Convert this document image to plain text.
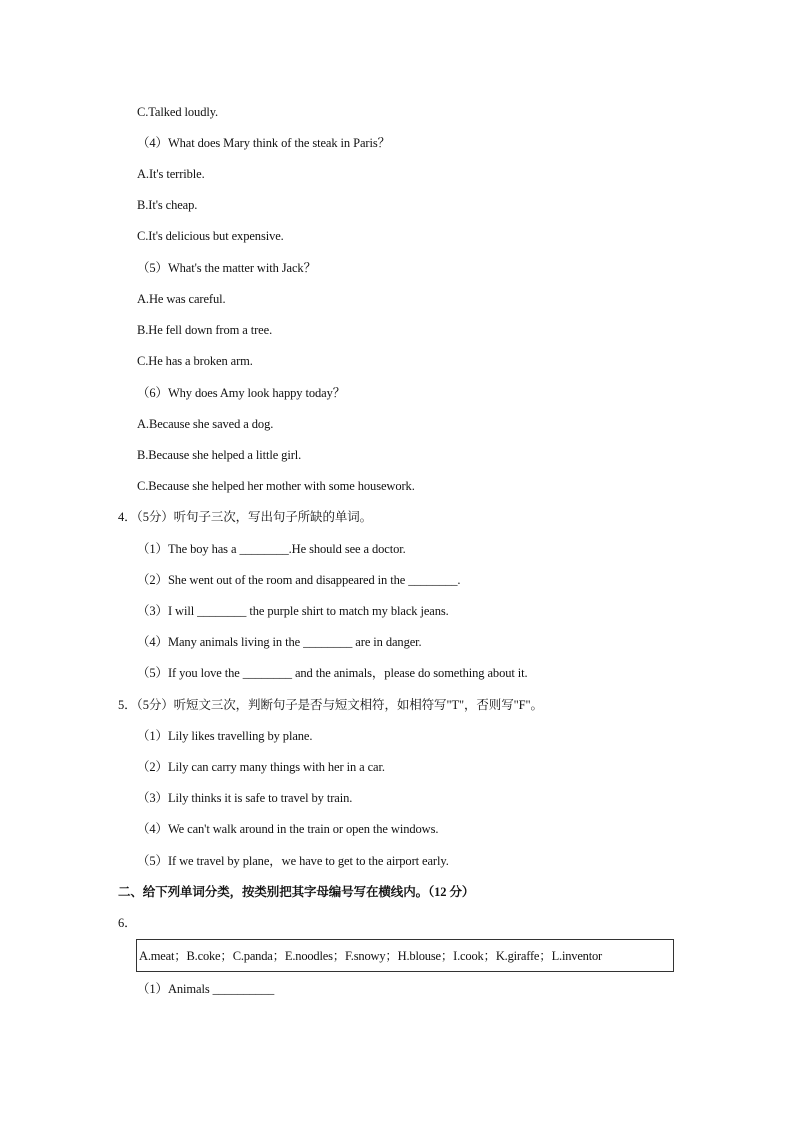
C.Talked loudly.
（4）What does Mary think of the steak in Paris？
A.It's terrible.
B.It's cheap.
C.It's delicious but expensive.
（5）What's the matter with Jack？
A.He was careful.
B.He fell down from a tree.
C.He has a broken arm.
（6）Why does Amy look happy today？
A.Because she saved a dog.
B.Because she helped a little girl.
C.Because she helped her mother with some housework.
4．（5分）听句子三次，写出句子所缺的单词。
（1）The boy has a ________.He should see a doctor.
（2）She went out of the room and disappeared in the ________.
（3）I will ________ the purple shirt to match my black jeans.
（4）Many animals living in the ________ are in danger.
（5）If you love the ________ and the animals，please do something about it.
5．（5分）听短文三次，判断句子是否与短文相符，如相符写"T"，否则写"F"。
（1）Lily likes travelling by plane.
（2）Lily can carry many things with her in a car.
（3）Lily thinks it is safe to travel by train.
（4）We can't walk around in the train or open the windows.
（5）If we travel by plane，we have to get to the airport early.
二、给下列单词分类，按类别把其字母编号写在横线内。（12 分）
6．
A.meat；B.coke；C.panda；E.noodles；F.snowy；H.blouse；I.cook；K.giraffe；L.inventor
（1）Animals __________
